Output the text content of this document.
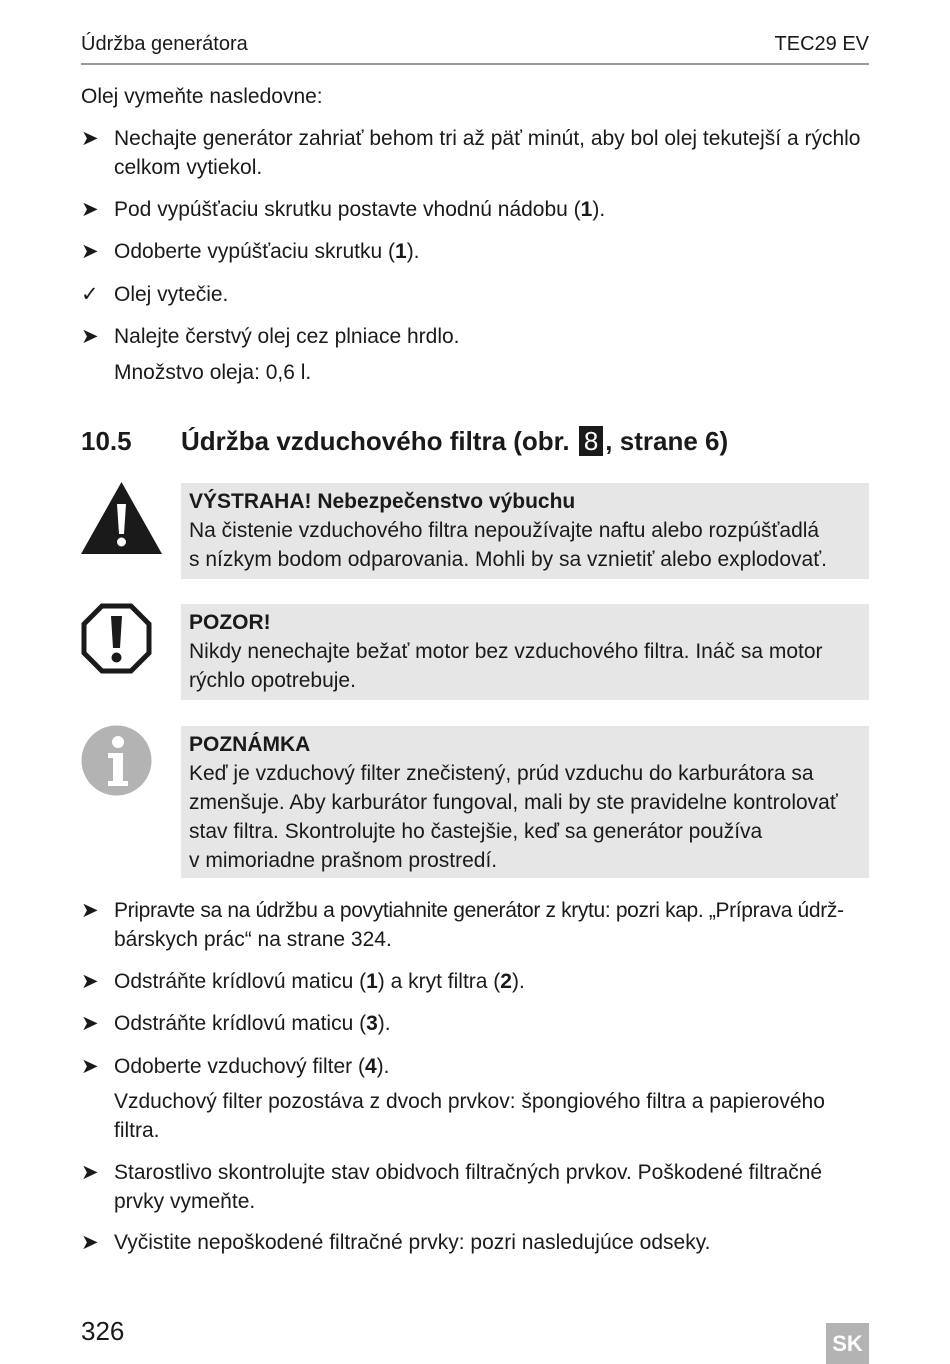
Údržba generátora	TEC29 EV
Olej vymeňte nasledovne:
➤ Nechajte generátor zahriať behom tri až päť minút, aby bol olej tekutejší a rýchlo celkom vytiekol.
➤ Pod vypúšťaciu skrutku postavte vhodnú nádobu (1).
➤ Odoberte vypúšťaciu skrutku (1).
✓ Olej vytečie.
➤ Nalejte čerstvý olej cez plniace hrdlo.
Množstvo oleja: 0,6 l.
10.5 Údržba vzduchového filtra (obr. 8 , strane 6)
VÝSTRAHA! Nebezpečenstvo výbuchu
Na čistenie vzduchového filtra nepoužívajte naftu alebo rozpúšťadlá
s nízkym bodom odparovania. Mohli by sa vznietiť alebo explodovať.
POZOR!
Nikdy nenechajte bežať motor bez vzduchového filtra. Ináč sa motor
rýchlo opotrebuje.
POZNÁMKA
Keď je vzduchový filter znečistený, prúd vzduchu do karburátora sa
zmenšuje. Aby karburátor fungoval, mali by ste pravidelne kontrolovať
stav filtra. Skontrolujte ho častejšie, keď sa generátor používa
v mimoriadne prašnom prostredí.
➤ Pripravte sa na údržbu a povytiahnite generátor z krytu: pozri kap. „Príprava údrž-
bárskych prác“ na strane 324.
➤ Odstráňte krídlovú maticu (1) a kryt filtra (2).
➤ Odstráňte krídlovú maticu (3).
➤ Odoberte vzduchový filter (4).
Vzduchový filter pozostáva z dvoch prvkov: špongiového filtra a papierového filtra.
➤ Starostlivo skontrolujte stav obidvoch filtračných prvkov. Poškodené filtračné prvky vymeňte.
➤ Vyčistite nepoškodené filtračné prvky: pozri nasledujúce odseky.
326	SK
